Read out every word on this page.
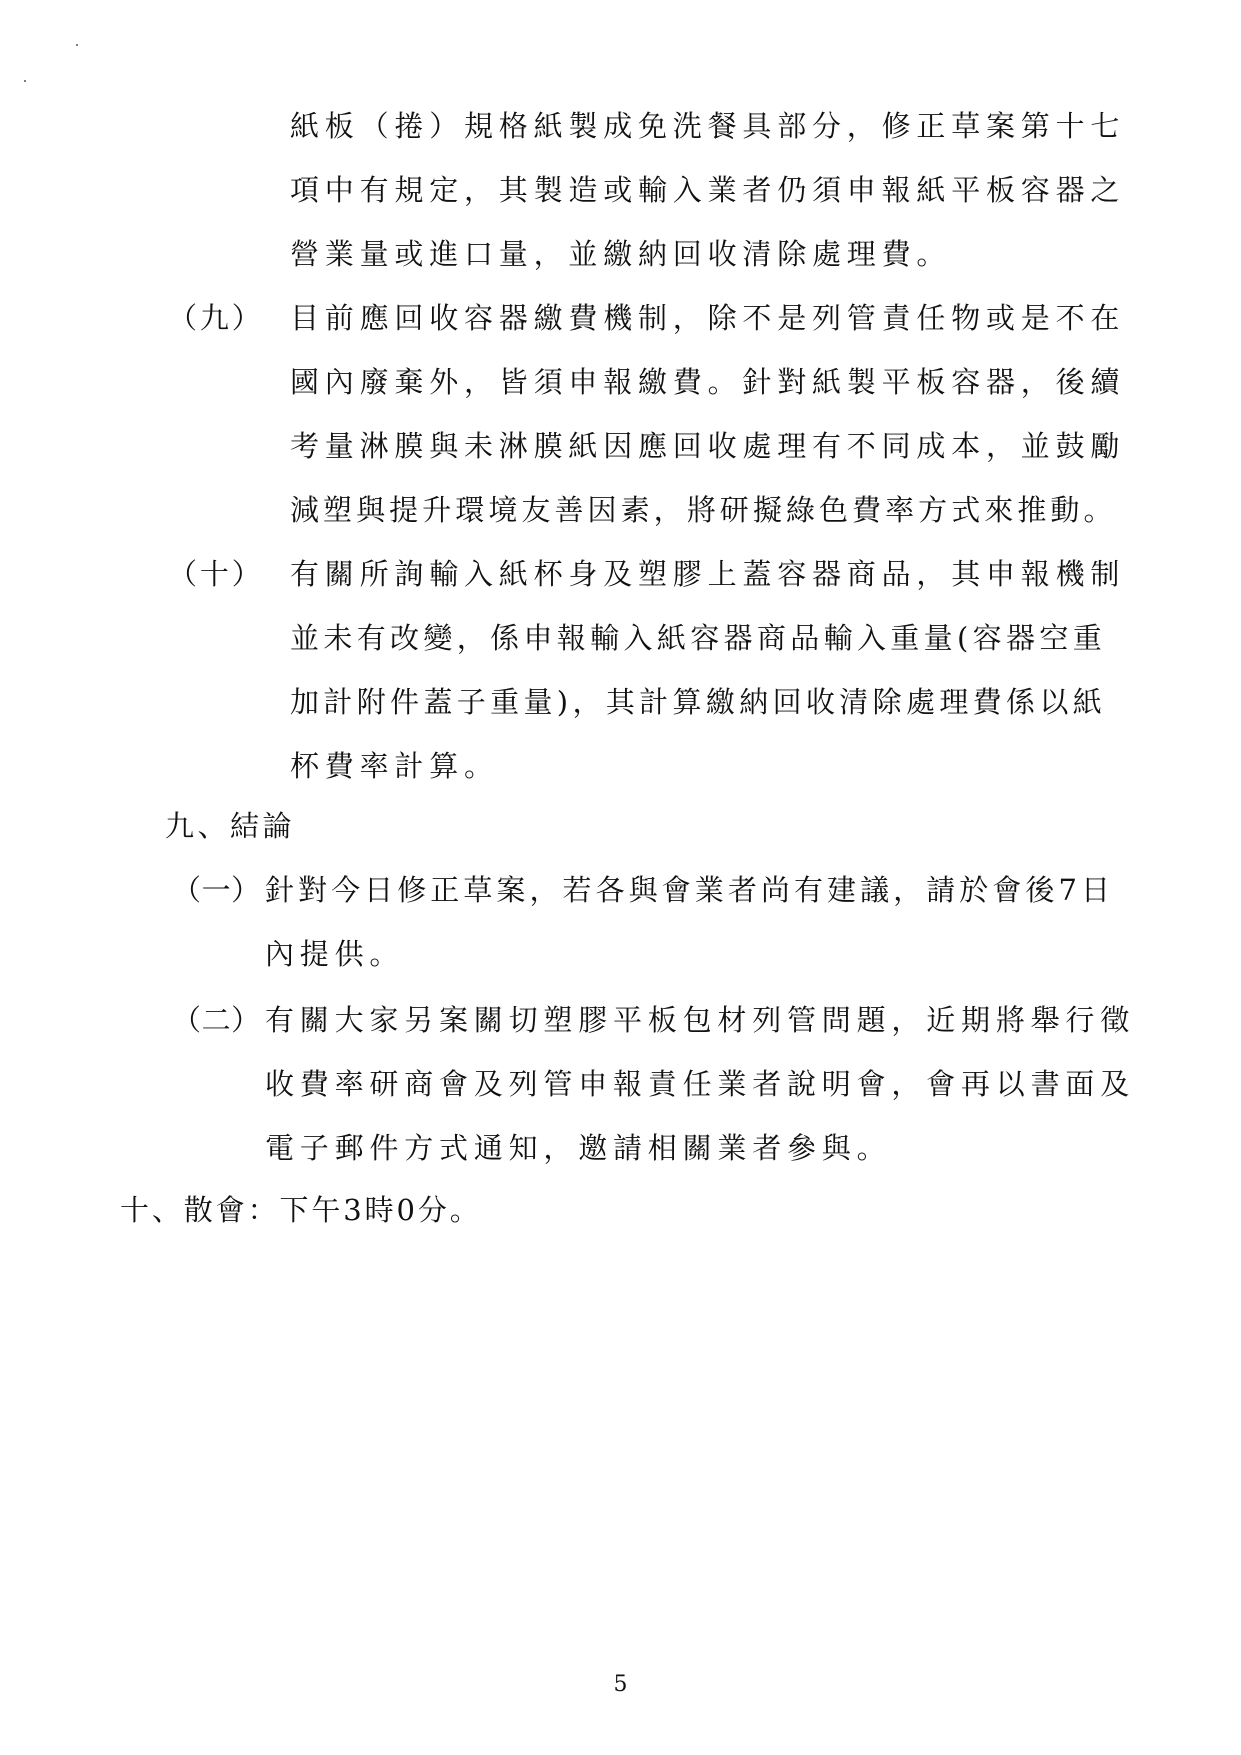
紙板（捲）規格紙製成免洗餐具部分，修正草案第十七
項中有規定，其製造或輸入業者仍須申報紙平板容器之
營業量或進口量，並繳納回收清除處理費。
（九） 目前應回收容器繳費機制，除不是列管責任物或是不在
國內廢棄外，皆須申報繳費。針對紙製平板容器，後續
考量淋膜與未淋膜紙因應回收處理有不同成本，並鼓勵
減塑與提升環境友善因素，將研擬綠色費率方式來推動。
（十） 有關所詢輸入紙杯身及塑膠上蓋容器商品，其申報機制
並未有改變，係申報輸入紙容器商品輸入重量(容器空重
加計附件蓋子重量)，其計算繳納回收清除處理費係以紙
杯費率計算。
九、結論
（一） 針對今日修正草案，若各與會業者尚有建議，請於會後7日
內提供。
（二） 有關大家另案關切塑膠平板包材列管問題，近期將舉行徵
收費率研商會及列管申報責任業者說明會，會再以書面及
電子郵件方式通知，邀請相關業者參與。
十、散會：下午3時0分。
5
